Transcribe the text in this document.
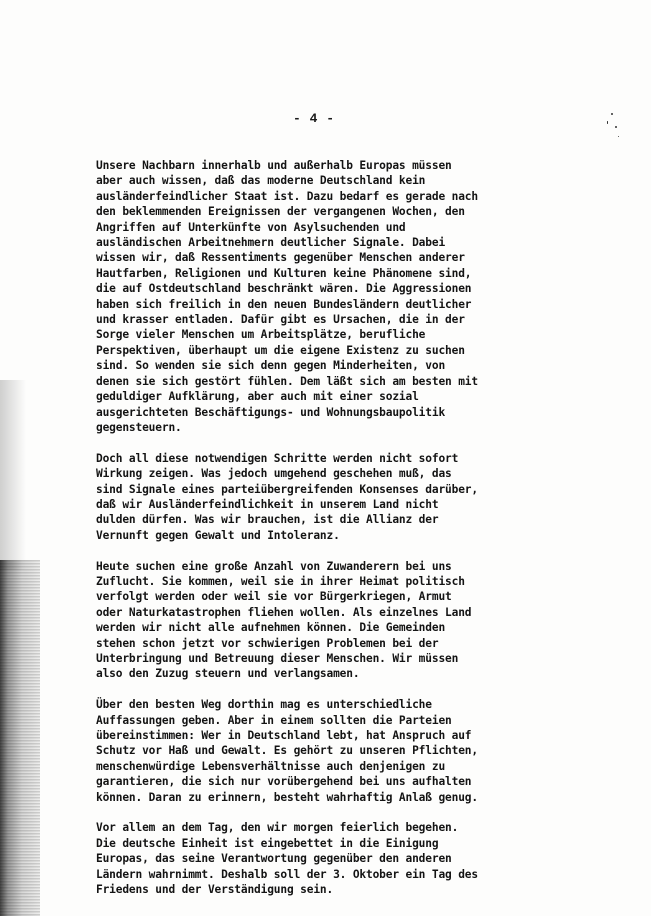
- 4 -

Unsere Nachbarn innerhalb und außerhalb Europas müssen
aber auch wissen, daß das moderne Deutschland kein
ausländerfeindlicher Staat ist. Dazu bedarf es gerade nach
den beklemmenden Ereignissen der vergangenen Wochen, den
Angriffen auf Unterkünfte von Asylsuchenden und
ausländischen Arbeitnehmern deutlicher Signale. Dabei
wissen wir, daß Ressentiments gegenüber Menschen anderer
Hautfarben, Religionen und Kulturen keine Phänomene sind,
die auf Ostdeutschland beschränkt wären. Die Aggressionen
haben sich freilich in den neuen Bundesländern deutlicher
und krasser entladen. Dafür gibt es Ursachen, die in der
Sorge vieler Menschen um Arbeitsplätze, berufliche
Perspektiven, überhaupt um die eigene Existenz zu suchen
sind. So wenden sie sich denn gegen Minderheiten, von
denen sie sich gestört fühlen. Dem läßt sich am besten mit
geduldiger Aufklärung, aber auch mit einer sozial
ausgerichteten Beschäftigungs- und Wohnungsbaupolitik
gegensteuern.

Doch all diese notwendigen Schritte werden nicht sofort
Wirkung zeigen. Was jedoch umgehend geschehen muß, das
sind Signale eines parteiübergreifenden Konsenses darüber,
daß wir Ausländerfeindlichkeit in unserem Land nicht
dulden dürfen. Was wir brauchen, ist die Allianz der
Vernunft gegen Gewalt und Intoleranz.

Heute suchen eine große Anzahl von Zuwanderern bei uns
Zuflucht. Sie kommen, weil sie in ihrer Heimat politisch
verfolgt werden oder weil sie vor Bürgerkriegen, Armut
oder Naturkatastrophen fliehen wollen. Als einzelnes Land
werden wir nicht alle aufnehmen können. Die Gemeinden
stehen schon jetzt vor schwierigen Problemen bei der
Unterbringung und Betreuung dieser Menschen. Wir müssen
also den Zuzug steuern und verlangsamen.

Über den besten Weg dorthin mag es unterschiedliche
Auffassungen geben. Aber in einem sollten die Parteien
übereinstimmen: Wer in Deutschland lebt, hat Anspruch auf
Schutz vor Haß und Gewalt. Es gehört zu unseren Pflichten,
menschenwürdige Lebensverhältnisse auch denjenigen zu
garantieren, die sich nur vorübergehend bei uns aufhalten
können. Daran zu erinnern, besteht wahrhaftig Anlaß genug.

Vor allem an dem Tag, den wir morgen feierlich begehen.
Die deutsche Einheit ist eingebettet in die Einigung
Europas, das seine Verantwortung gegenüber den anderen
Ländern wahrnimmt. Deshalb soll der 3. Oktober ein Tag des
Friedens und der Verständigung sein.
